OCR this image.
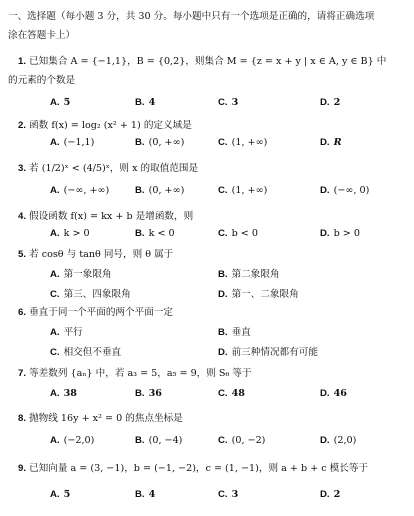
一、选择题（每小题 3 分，共 30 分。每小题中只有一个选项是正确的，请将正确选项
涂在答题卡上）
1. 已知集合 A = {−1,1}，B = {0,2}，则集合 M = {z = x + y | x ∈ A, y ∈ B} 中
的元素的个数是
A. 5	B. 4	C. 3	D. 2
2. 函数 f(x) = log₂ (x² + 1) 的定义域是
A. (−1,1)	B. (0, +∞)	C. (1, +∞)	D. R
3. 若 (1/2)ˣ < (4/5)ˣ，则 x 的取值范围是
A. (−∞, +∞)	B. (0, +∞)	C. (1, +∞)	D. (−∞, 0)
4. 假设函数 f(x) = kx + b 是增函数，则
A. k > 0	B. k < 0	C. b < 0	D. b > 0
5. 若 cosθ 与 tanθ 同号，则 θ 属于
A. 第一象限角	B. 第二象限角
C. 第三、四象限角	D. 第一、二象限角
6. 垂直于同一个平面的两个平面一定
A. 平行	B. 垂直
C. 相交但不垂直	D. 前三种情况都有可能
7. 等差数列 {aₙ} 中，若 a₃ = 5，a₅ = 9，则 S₆ 等于
A. 38	B. 36	C. 48	D. 46
8. 抛物线 16y + x² = 0 的焦点坐标是
A. (−2,0)	B. (0, −4)	C. (0, −2)	D. (2,0)
9. 已知向量 a = (3, −1)，b = (−1, −2)，c = (1, −1)，则 a + b + c 模长等于
A. 5	B. 4	C. 3	D. 2
